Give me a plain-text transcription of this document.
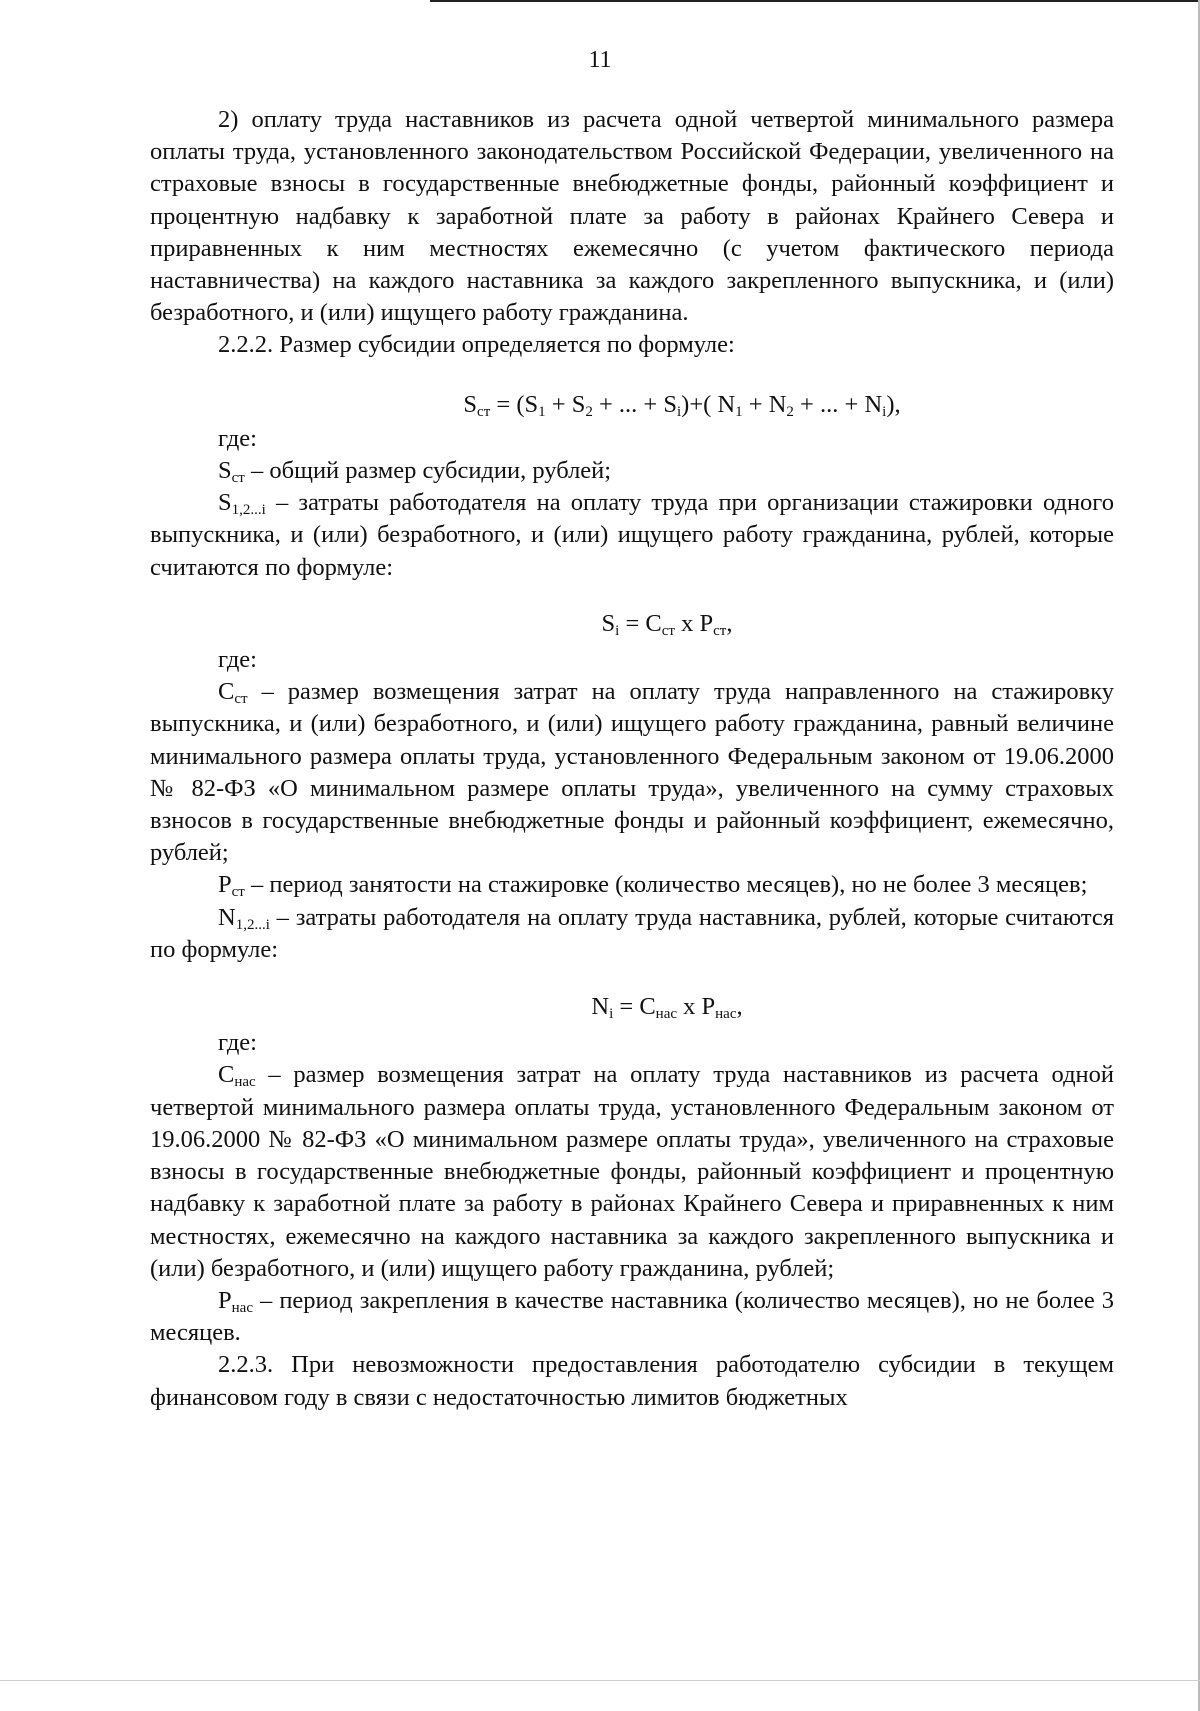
11

2) оплату труда наставников из расчета одной четвертой минимального размера оплаты труда, установленного законодательством Российской Федерации, увеличенного на страховые взносы в государственные внебюджетные фонды, районный коэффициент и процентную надбавку к заработной плате за работу в районах Крайнего Севера и приравненных к ним местностях ежемесячно (с учетом фактического периода наставничества) на каждого наставника за каждого закрепленного выпускника, и (или) безработного, и (или) ищущего работу гражданина.

2.2.2. Размер субсидии определяется по формуле:

$S_{ст} = (S_1 + S_2$ + ... + $S_i)+$( $N_1 + N_2$ + ... + $N_i$),

где:

$S_{ст}$ – общий размер субсидии, рублей;

$S_{1,2...i}$ – затраты работодателя на оплату труда при организации стажировки одного выпускника, и (или) безработного, и (или) ищущего работу гражданина, рублей, которые считаются по формуле:

$S_i = C_{ст}$ x $P_{ст}$,

где:

$C_{ст}$ – размер возмещения затрат на оплату труда направленного на стажировку выпускника, и (или) безработного, и (или) ищущего работу гражданина, равный величине минимального размера оплаты труда, установленного Федеральным законом от 19.06.2000 № 82-ФЗ «О минимальном размере оплаты труда», увеличенного на сумму страховых взносов в государственные внебюджетные фонды и районный коэффициент, ежемесячно, рублей;

$P_{ст}$ – период занятости на стажировке (количество месяцев), но не более 3 месяцев;

$N_{1,2...i}$ – затраты работодателя на оплату труда наставника, рублей, которые считаются по формуле:

$N_i = C_{нас}$ x $P_{нас}$,

где:

$C_{нас}$ – размер возмещения затрат на оплату труда наставников из расчета одной четвертой минимального размера оплаты труда, установленного Федеральным законом от 19.06.2000 № 82-ФЗ «О минимальном размере оплаты труда», увеличенного на страховые взносы в государственные внебюджетные фонды, районный коэффициент и процентную надбавку к заработной плате за работу в районах Крайнего Севера и приравненных к ним местностях, ежемесячно на каждого наставника за каждого закрепленного выпускника и (или) безработного, и (или) ищущего работу гражданина, рублей;

$P_{нас}$ – период закрепления в качестве наставника (количество месяцев), но не более 3 месяцев.

2.2.3. При невозможности предоставления работодателю субсидии в текущем финансовом году в связи с недостаточностью лимитов бюджетных
